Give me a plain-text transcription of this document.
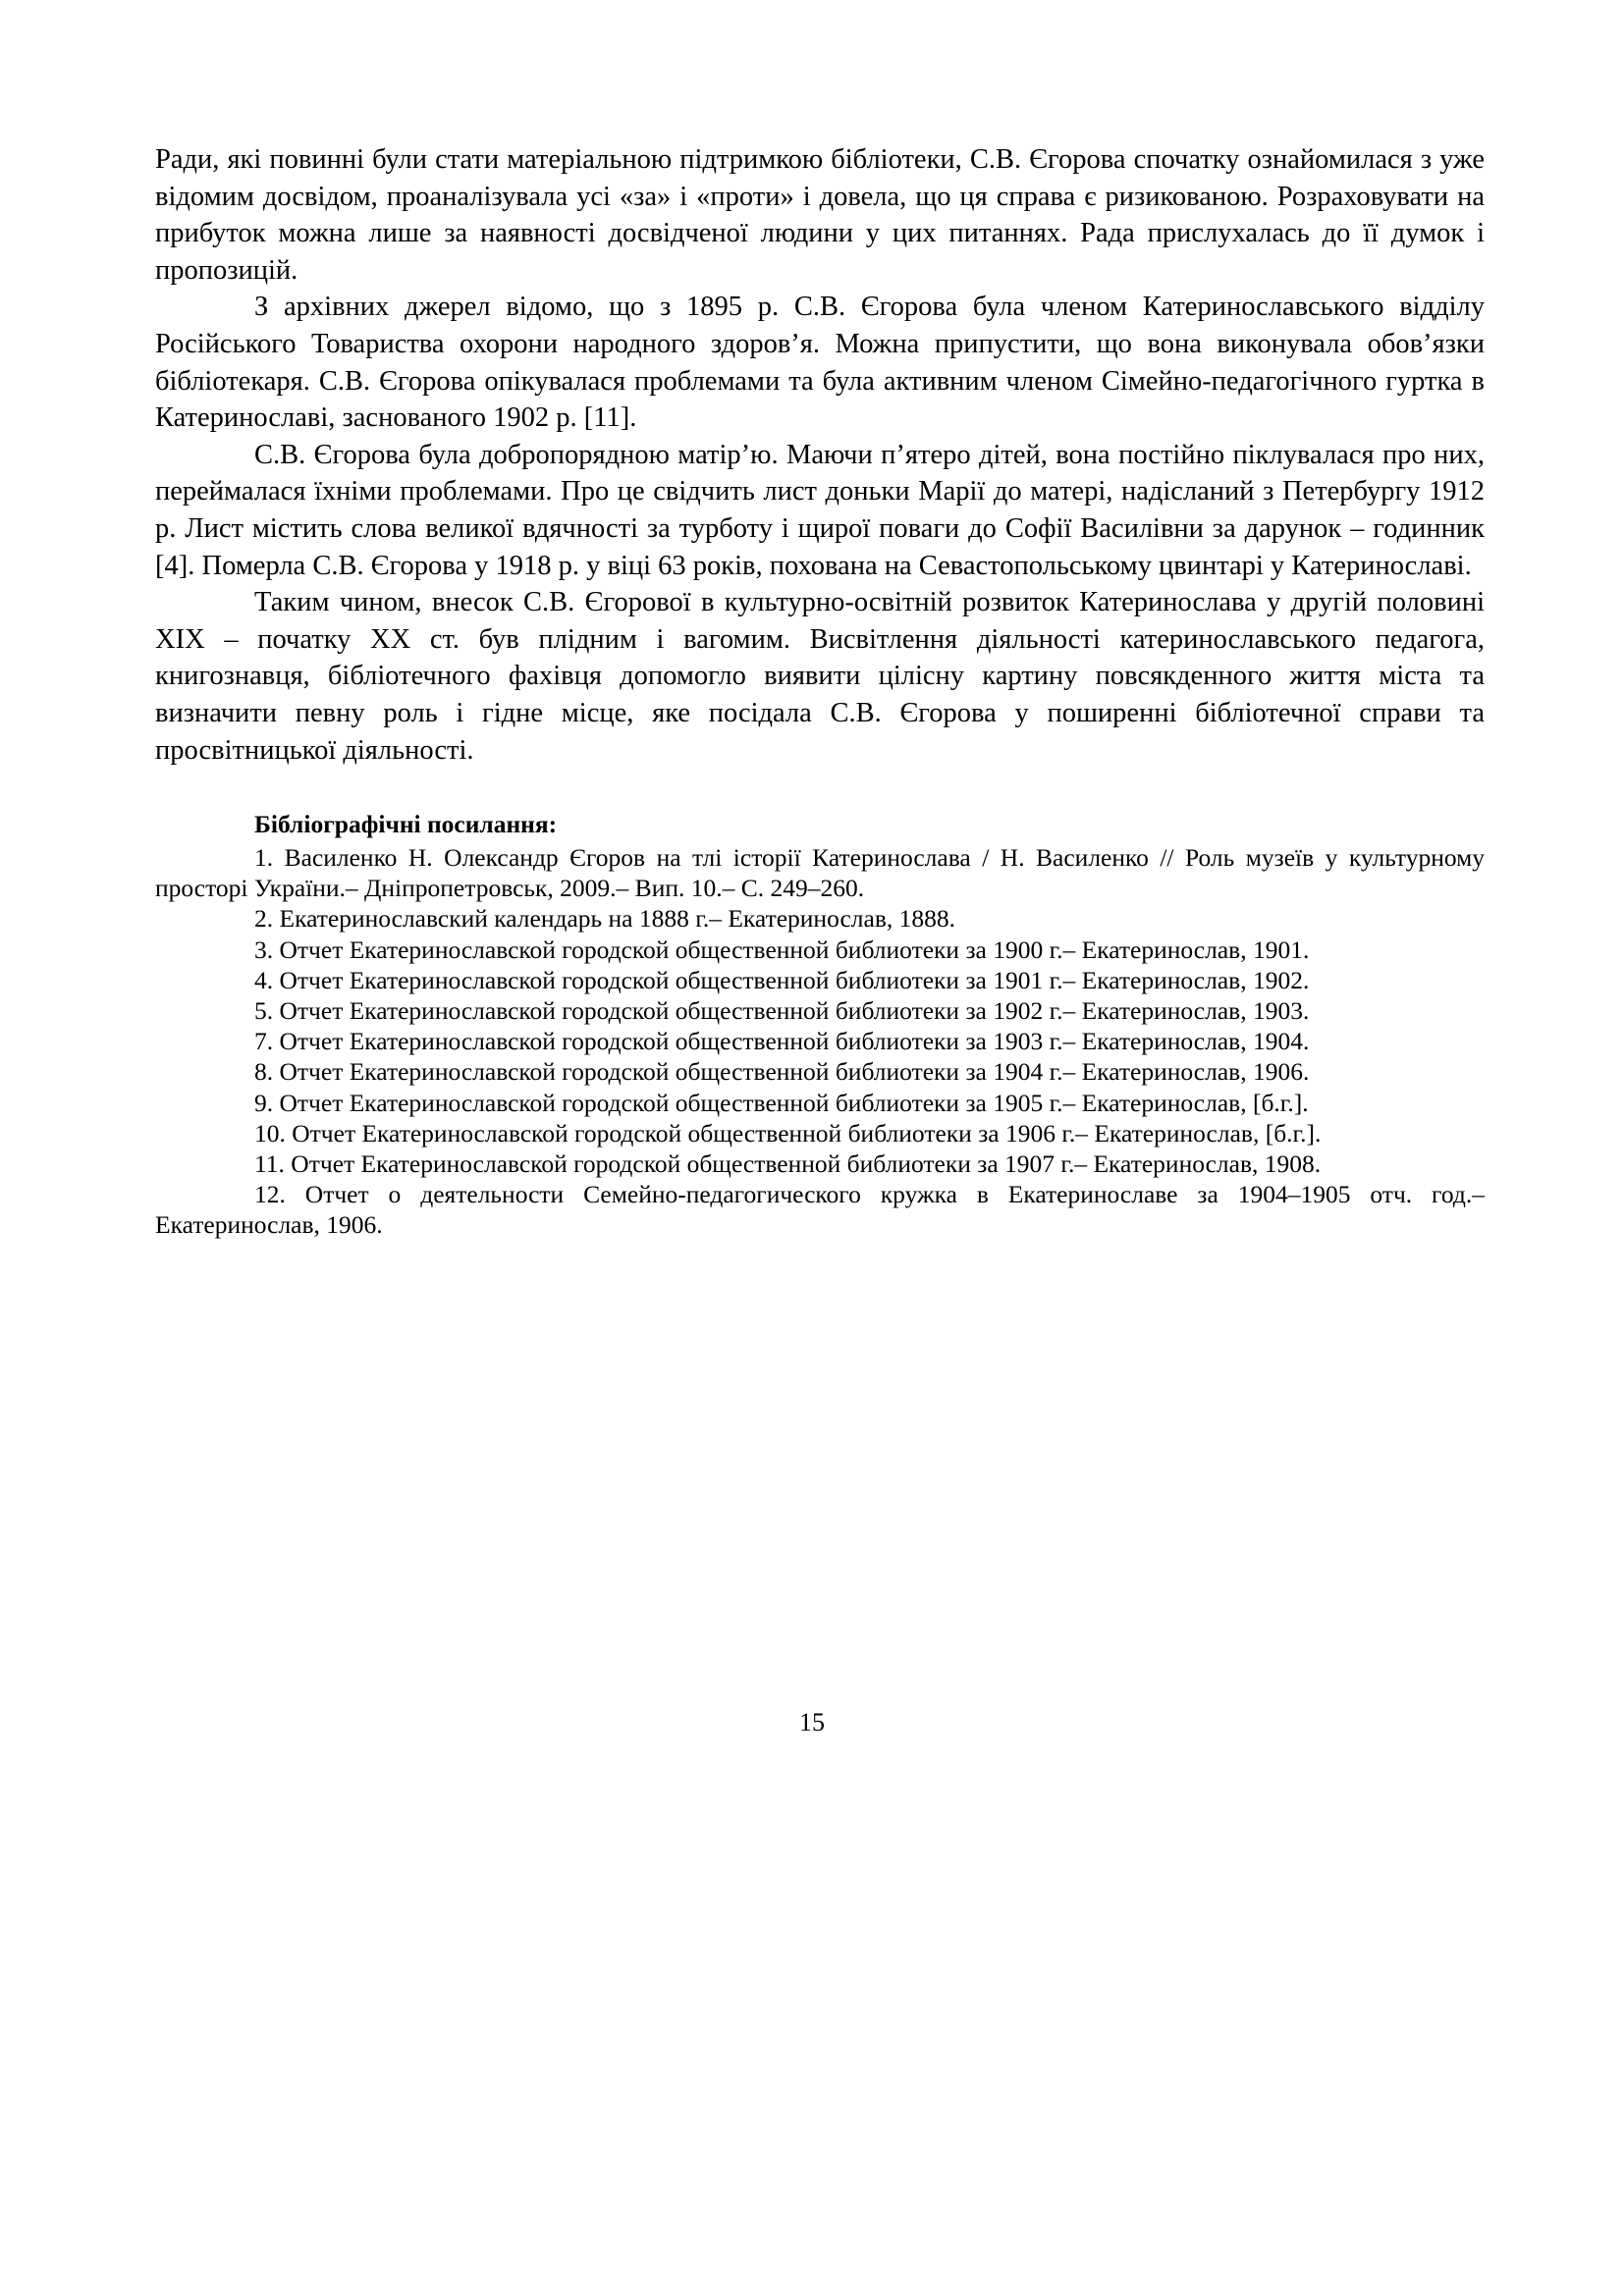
Ради, які повинні були стати матеріальною підтримкою бібліотеки, С.В. Єгорова спочатку ознайомилася з уже відомим досвідом, проаналізувала усі «за» і «проти» і довела, що ця справа є ризикованою. Розраховувати на прибуток можна лише за наявності досвідченої людини у цих питаннях. Рада прислухалась до її думок і пропозицій.

З архівних джерел відомо, що з 1895 р. С.В. Єгорова була членом Катеринославського відділу Російського Товариства охорони народного здоров’я. Можна припустити, що вона виконувала обов’язки бібліотекаря. С.В. Єгорова опікувалася проблемами та була активним членом Сімейно-педагогічного гуртка в Катеринославі, заснованого 1902 р. [11].

С.В. Єгорова була добропорядною матір’ю. Маючи п’ятеро дітей, вона постійно піклувалася про них, переймалася їхніми проблемами. Про це свідчить лист доньки Марії до матері, надісланий з Петербургу 1912 р. Лист містить слова великої вдячності за турботу і щирої поваги до Софії Василівни за дарунок – годинник [4]. Померла С.В. Єгорова у 1918 р. у віці 63 років, похована на Севастопольському цвинтарі у Катеринославі.

Таким чином, внесок С.В. Єгорової в культурно-освітній розвиток Катеринослава у другій половині XIX – початку XX ст. був плідним і вагомим. Висвітлення діяльності катеринославського педагога, книгознавця, бібліотечного фахівця допомогло виявити цілісну картину повсякденного життя міста та визначити певну роль і гідне місце, яке посідала С.В. Єгорова у поширенні бібліотечної справи та просвітницької діяльності.

Бібліографічні посилання:

1. Василенко Н. Олександр Єгоров на тлі історії Катеринослава / Н. Василенко // Роль музеїв у культурному просторі України.– Дніпропетровськ, 2009.– Вип. 10.– С. 249–260.
2. Екатеринославский календарь на 1888 г.– Екатеринослав, 1888.
3. Отчет Екатеринославской городской общественной библиотеки за 1900 г.– Екатеринослав, 1901.
4. Отчет Екатеринославской городской общественной библиотеки за 1901 г.– Екатеринослав, 1902.
5. Отчет Екатеринославской городской общественной библиотеки за 1902 г.– Екатеринослав, 1903.
7. Отчет Екатеринославской городской общественной библиотеки за 1903 г.– Екатеринослав, 1904.
8. Отчет Екатеринославской городской общественной библиотеки за 1904 г.– Екатеринослав, 1906.
9. Отчет Екатеринославской городской общественной библиотеки за 1905 г.– Екатеринослав, [б.г.].
10. Отчет Екатеринославской городской общественной библиотеки за 1906 г.– Екатеринослав, [б.г.].
11. Отчет Екатеринославской городской общественной библиотеки за 1907 г.– Екатеринослав, 1908.
12. Отчет о деятельности Семейно-педагогического кружка в Екатеринославе за 1904–1905 отч. год.– Екатеринослав, 1906.

15
